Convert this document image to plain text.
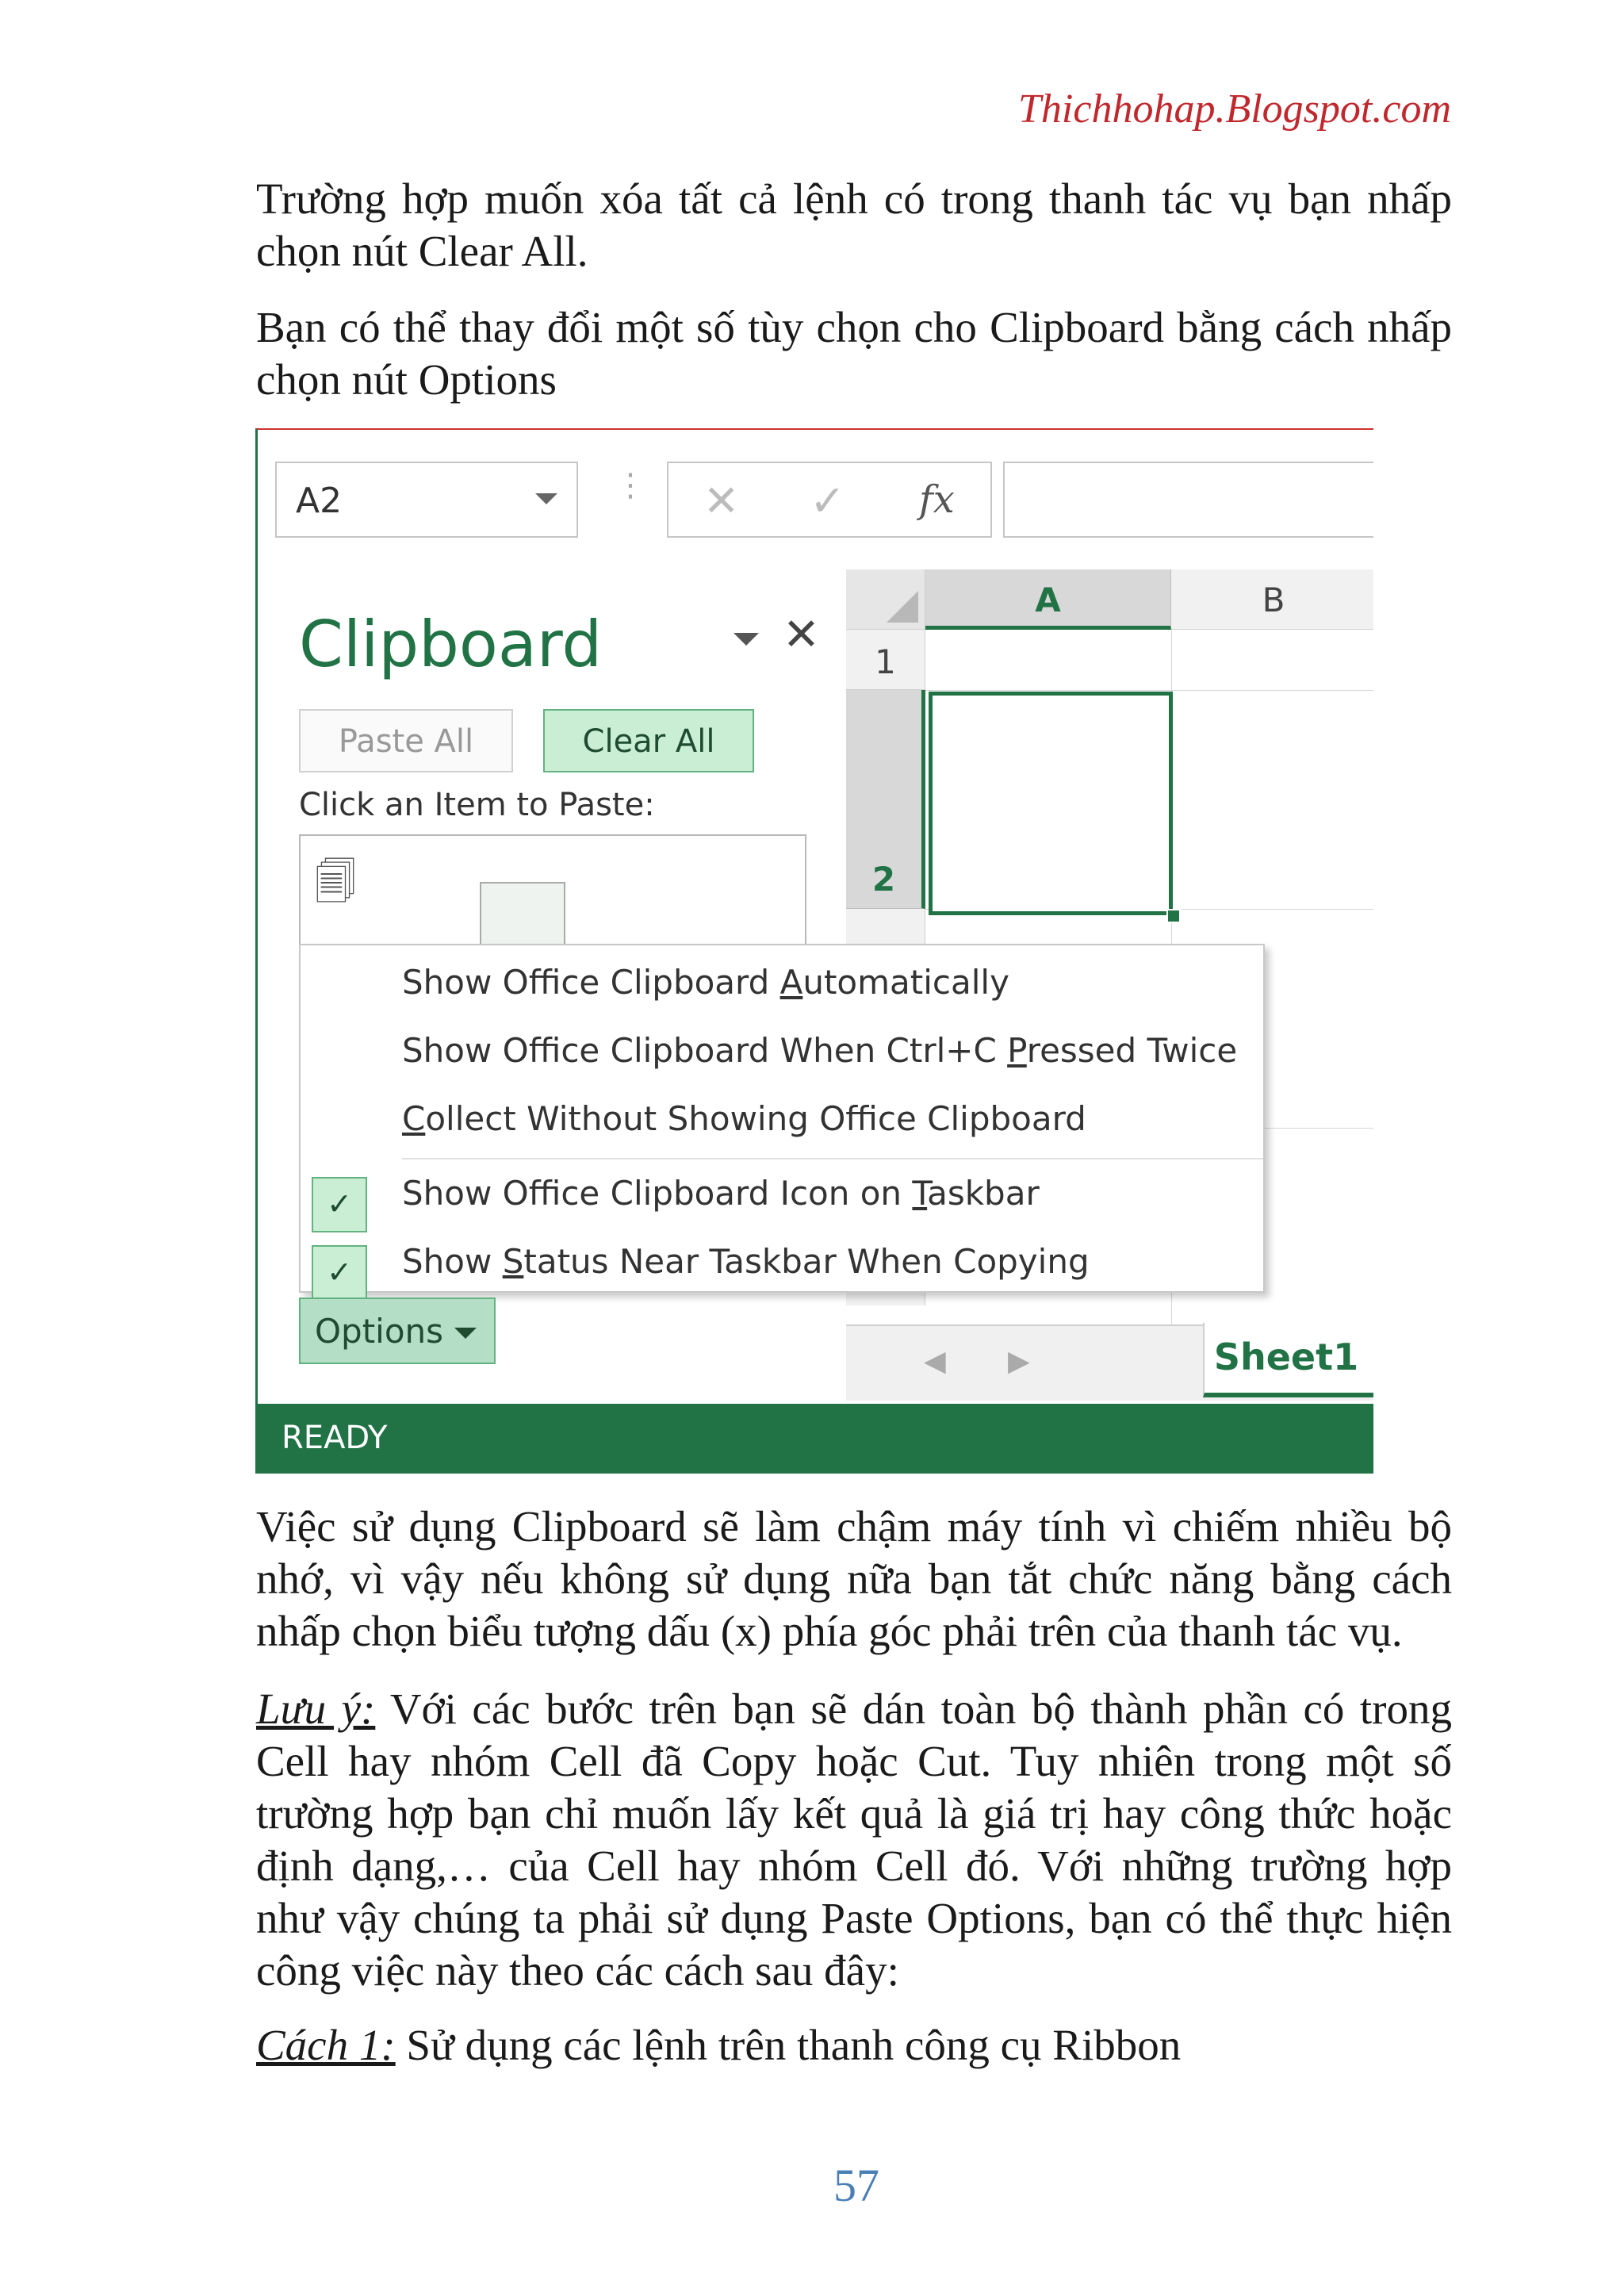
Thichhohap.Blogspot.com

Trường hợp muốn xóa tất cả lệnh có trong thanh tác vụ bạn nhấp chọn nút Clear All.

Bạn có thể thay đổi một số tùy chọn cho Clipboard bằng cách nhấp chọn nút Options

A2	⋮ ✕ ✓ fx
Clipboard	✕
Paste All	Clear All
Click an Item to Paste:
🗐
A	B
1
2
Show Office Clipboard Automatically
Show Office Clipboard When Ctrl+C Pressed Twice
Collect Without Showing Office Clipboard
✓	Show Office Clipboard Icon on Taskbar
✓	Show Status Near Taskbar When Copying
Options
◀ ▶	Sheet1
READY

Việc sử dụng Clipboard sẽ làm chậm máy tính vì chiếm nhiều bộ nhớ, vì vậy nếu không sử dụng nữa bạn tắt chức năng bằng cách nhấp chọn biểu tượng dấu (x) phía góc phải trên của thanh tác vụ.

Lưu ý: Với các bước trên bạn sẽ dán toàn bộ thành phần có trong Cell hay nhóm Cell đã Copy hoặc Cut. Tuy nhiên trong một số trường hợp bạn chỉ muốn lấy kết quả là giá trị hay công thức hoặc định dạng,… của Cell hay nhóm Cell đó. Với những trường hợp như vậy chúng ta phải sử dụng Paste Options, bạn có thể thực hiện công việc này theo các cách sau đây:

Cách 1: Sử dụng các lệnh trên thanh công cụ Ribbon

57
